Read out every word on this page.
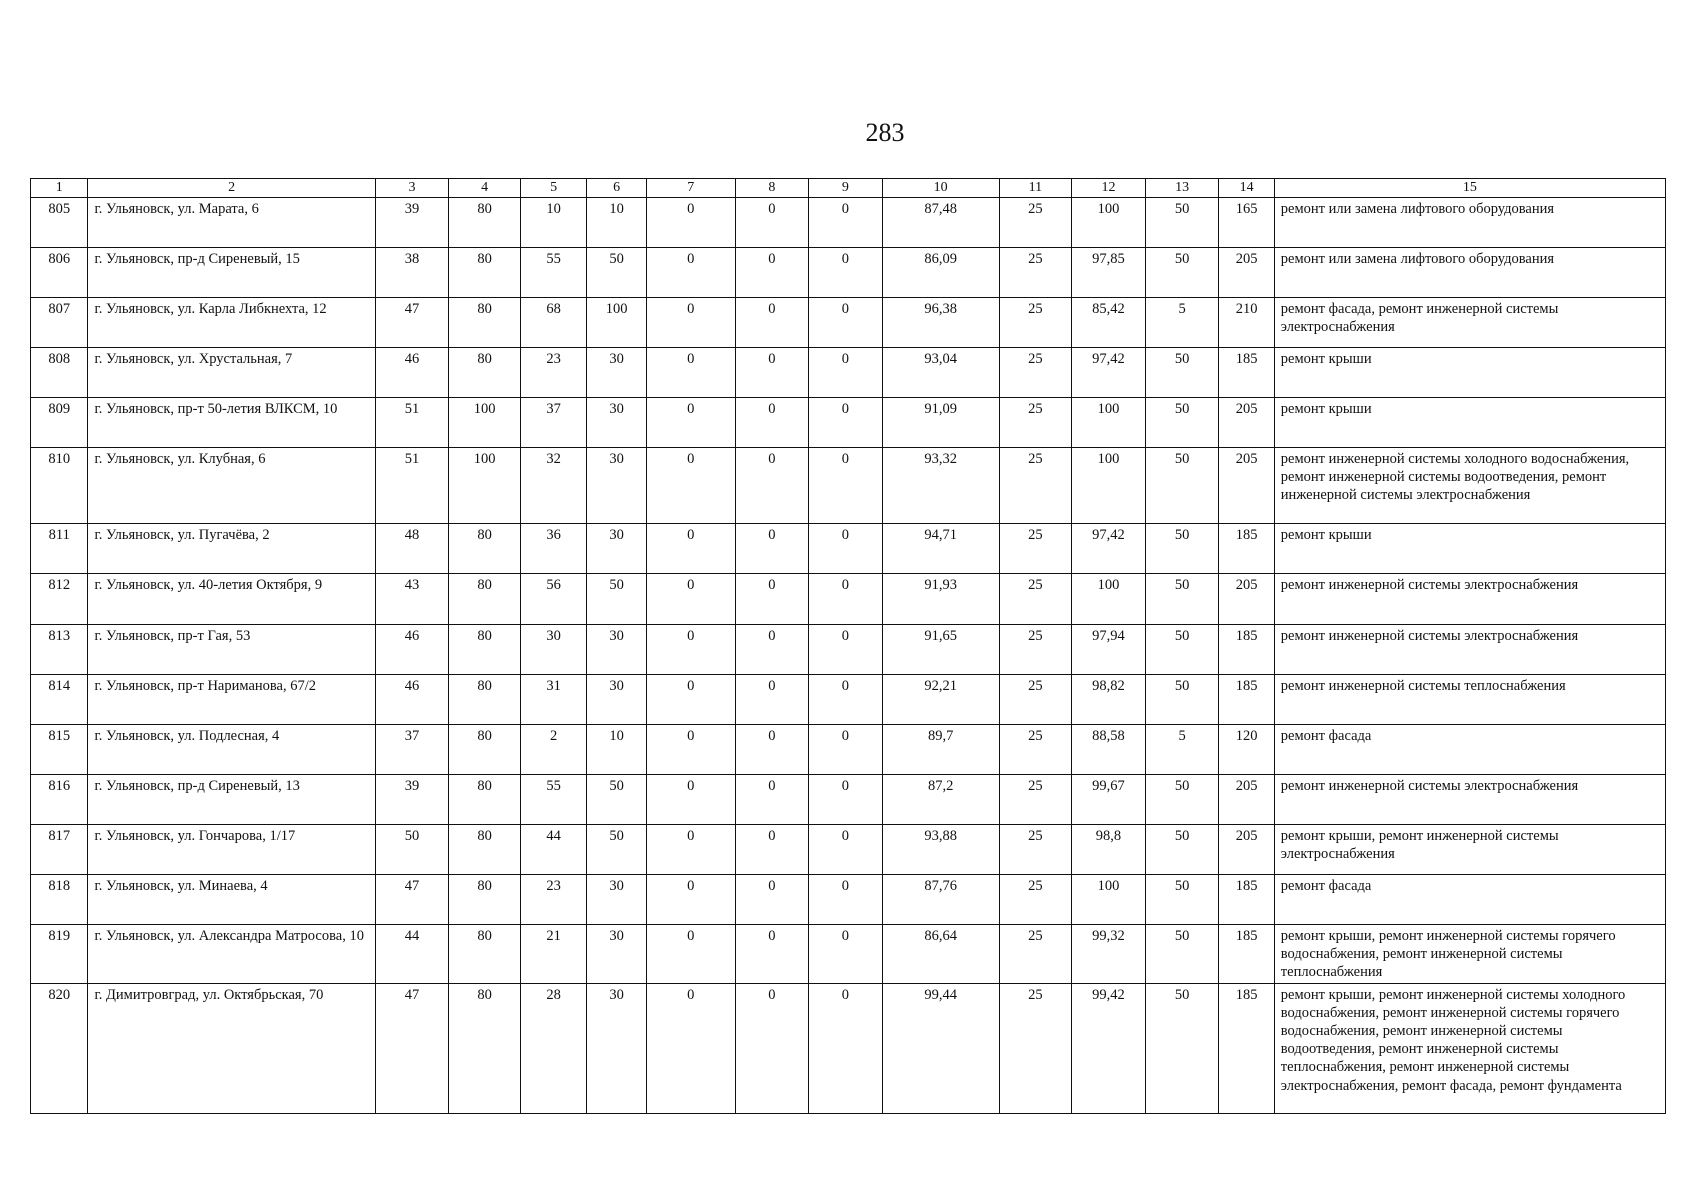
283
1	2	3	4	5	6	7	8	9	10	11	12	13	14	15
805	г. Ульяновск, ул. Марата, 6	39	80	10	10	0	0	0	87,48	25	100	50	165	ремонт или замена лифтового оборудования
806	г. Ульяновск, пр-д Сиреневый, 15	38	80	55	50	0	0	0	86,09	25	97,85	50	205	ремонт или замена лифтового оборудования
807	г. Ульяновск, ул. Карла Либкнехта, 12	47	80	68	100	0	0	0	96,38	25	85,42	5	210	ремонт фасада, ремонт инженерной системы электроснабжения
808	г. Ульяновск, ул. Хрустальная, 7	46	80	23	30	0	0	0	93,04	25	97,42	50	185	ремонт крыши
809	г. Ульяновск, пр-т 50-летия ВЛКСМ, 10	51	100	37	30	0	0	0	91,09	25	100	50	205	ремонт крыши
810	г. Ульяновск, ул. Клубная, 6	51	100	32	30	0	0	0	93,32	25	100	50	205	ремонт инженерной системы холодного водоснабжения, ремонт инженерной системы водоотведения, ремонт инженерной системы электроснабжения
811	г. Ульяновск, ул. Пугачёва, 2	48	80	36	30	0	0	0	94,71	25	97,42	50	185	ремонт крыши
812	г. Ульяновск, ул. 40-летия Октября, 9	43	80	56	50	0	0	0	91,93	25	100	50	205	ремонт инженерной системы электроснабжения
813	г. Ульяновск, пр-т Гая, 53	46	80	30	30	0	0	0	91,65	25	97,94	50	185	ремонт инженерной системы электроснабжения
814	г. Ульяновск, пр-т Нариманова, 67/2	46	80	31	30	0	0	0	92,21	25	98,82	50	185	ремонт инженерной системы теплоснабжения
815	г. Ульяновск, ул. Подлесная, 4	37	80	2	10	0	0	0	89,7	25	88,58	5	120	ремонт фасада
816	г. Ульяновск, пр-д Сиреневый, 13	39	80	55	50	0	0	0	87,2	25	99,67	50	205	ремонт инженерной системы электроснабжения
817	г. Ульяновск, ул. Гончарова, 1/17	50	80	44	50	0	0	0	93,88	25	98,8	50	205	ремонт крыши, ремонт инженерной системы электроснабжения
818	г. Ульяновск, ул. Минаева, 4	47	80	23	30	0	0	0	87,76	25	100	50	185	ремонт фасада
819	г. Ульяновск, ул. Александра Матросова, 10	44	80	21	30	0	0	0	86,64	25	99,32	50	185	ремонт крыши, ремонт инженерной системы горячего водоснабжения, ремонт инженерной системы теплоснабжения
820	г. Димитровград, ул. Октябрьская, 70	47	80	28	30	0	0	0	99,44	25	99,42	50	185	ремонт крыши, ремонт инженерной системы холодного водоснабжения, ремонт инженерной системы горячего водоснабжения, ремонт инженерной системы водоотведения, ремонт инженерной системы теплоснабжения, ремонт инженерной системы электроснабжения, ремонт фасада, ремонт фундамента
